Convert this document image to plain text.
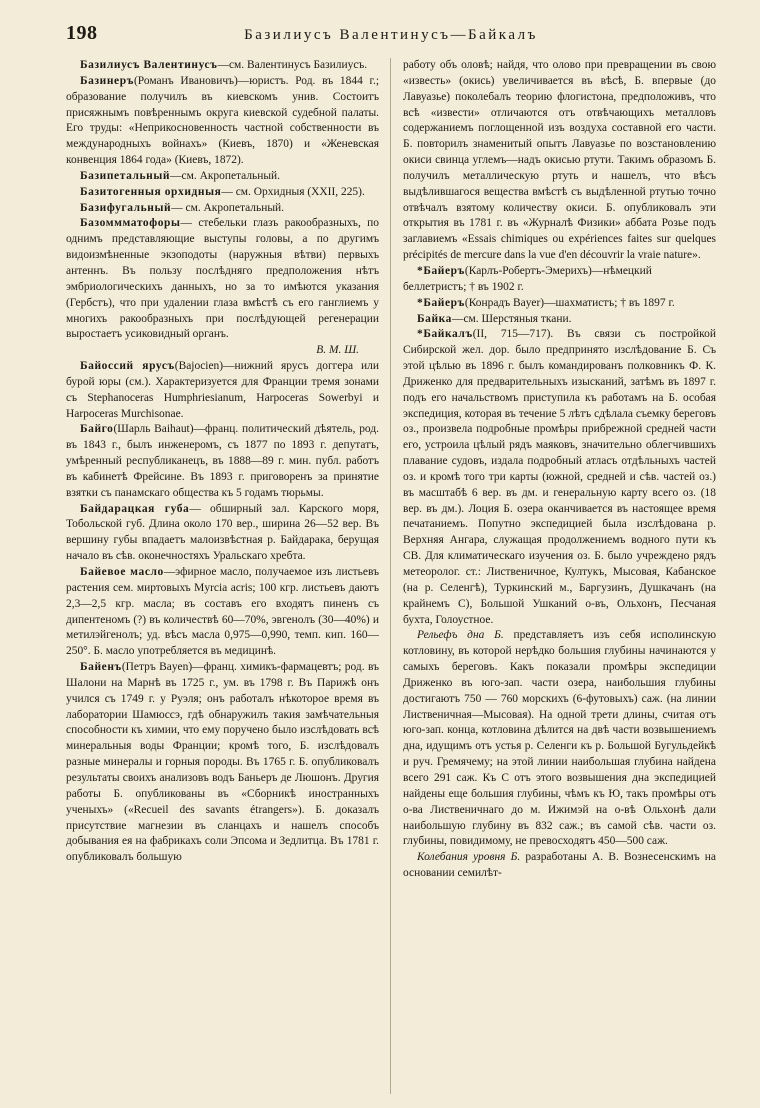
198	Базилиусъ Валентинусъ—Байкалъ

Базилиусъ Валентинусъ—см. Валентинусъ Базилиусъ.

Базинеръ(Романъ Ивановичъ)—юристъ. Род. въ 1844 г.; образование получилъ въ киевскомъ унив. Состоитъ присяжнымъ повѣреннымъ округа киевской судебной палаты. Его труды: «Неприкосновенность частной собственности въ международныхъ войнахъ» (Киевъ, 1870) и «Женевская конвенция 1864 года» (Киевъ, 1872).

Базипетальный—см. Акропетальный.

Базитогенныя орхидныя— см. Орхидныя (XXII, 225).

Базифугальный— см. Акропетальный.

Базоммматофоры— стебельки глазъ ракообразныхъ, по однимъ представляющие выступы головы, а по другимъ видоизмѣненные экзоподоты (наружныя вѣтви) первыхъ антеннъ. Въ пользу послѣдняго предположения нѣтъ эмбриологическихъ данныхъ, но за то имѣются указания (Гербстъ), что при удалении глаза вмѣстѣ съ его ганглиемъ у многихъ ракообразныхъ при послѣдующей регенерации выростаетъ усиковидный органъ.

В. М. Ш.

Байоссий ярусъ(Bajocien)—нижний ярусъ доггера или бурой юры (см.). Характеризуется для Франции тремя зонами съ Stephanoceras Humphriesianum, Harpoceras Sowerbyi и Harpoceras Murchisonae.

Байго(Шарль Baihaut)—франц. политический дѣятель, род. въ 1843 г., былъ инженеромъ, съ 1877 по 1893 г. депутатъ, умѣренный республиканецъ, въ 1888—89 г. мин. публ. работъ въ кабинетѣ Фрейсине. Въ 1893 г. приговоренъ за принятие взятки съ панамскаго общества къ 5 годамъ тюрьмы.

Байдарацкая губа— обширный зал. Карского моря, Тобольской губ. Длина около 170 вер., ширина 26—52 вер. Въ вершину губы впадаетъ малоизвѣстная р. Байдарака, берущая начало въ сѣв. оконечностяхъ Уральскаго хребта.

Байевое масло—эфирное масло, получаемое изъ листьевъ растения сем. миртовыхъ Myrcia acris; 100 кгр. листьевъ даютъ 2,3—2,5 кгр. масла; въ составъ его входятъ пиненъ съ дипентеномъ (?) въ количествѣ 60—70%, эвгенолъ (30—40%) и метилэйгенолъ; уд. вѣсъ масла 0,975—0,990, темп. кип. 160—250°. Б. масло употребляется въ медицинѣ.

Байенъ(Петръ Bayen)—франц. химикъ-фармацевтъ; род. въ Шалони на Марнѣ въ 1725 г., ум. въ 1798 г. Въ Парижѣ онъ учился съ 1749 г. у Руэля; онъ работалъ нѣкоторое время въ лаборатории Шамюссэ, гдѣ обнаружилъ такия замѣчательныя способности къ химии, что ему поручено было изслѣдовать всѣ минеральныя воды Франции; кромѣ того, Б. изслѣдовалъ разные минералы и горныя породы. Въ 1765 г. Б. опубликовалъ результаты своихъ анализовъ водъ Баньеръ де Люшонъ. Другия работы Б. опубликованы въ «Сборникѣ иностранныхъ ученыхъ» («Recueil des savants étrangers»). Б. доказалъ присутствие магнезии въ сланцахъ и нашелъ способъ добывания ея на фабрикахъ соли Эпсома и Зедлитца. Въ 1781 г. опубликовалъ большую

работу объ оловѣ; найдя, что олово при превращении въ свою «известь» (окись) увеличивается въ вѣсѣ, Б. впервые (до Лавуазье) поколебалъ теорию флогистона, предположивъ, что всѣ «извести» отличаются отъ отвѣчающихъ металловъ содержаниемъ поглощенной изъ воздуха составной его части. Б. повторилъ знаменитый опытъ Лавуазье по возстановлению окиси свинца углемъ—надъ окисью ртути. Такимъ образомъ Б. получилъ металлическую ртуть и нашелъ, что вѣсъ выдѣлившагося вещества вмѣстѣ съ выдѣленной ртутью точно отвѣчалъ взятому количеству окиси. Б. опубликовалъ эти открытия въ 1781 г. въ «Журналѣ Физики» аббата Розье подъ заглавиемъ «Essais chimiques ou expériences faites sur quelques précipités de mercure dans la vue d'en découvrir la vraie nature».

*Байеръ(Карлъ-Робертъ-Эмерихъ)—нѣмецкий беллетристъ; † въ 1902 г.

*Байеръ(Конрадъ Bayer)—шахматистъ; † въ 1897 г.

Байка—см. Шерстяныя ткани.

*Байкалъ(II, 715—717). Въ связи съ постройкой Сибирской жел. дор. было предпринято изслѣдование Б. Съ этой цѣлью въ 1896 г. былъ командированъ полковникъ Ф. К. Дриженко для предварительныхъ изысканий, затѣмъ въ 1897 г. подъ его начальствомъ приступила къ работамъ на Б. особая экспедиция, которая въ течение 5 лѣтъ сдѣлала съемку береговъ оз., произвела подробные промѣры прибрежной средней части его, устроила цѣлый рядъ маяковъ, значительно облегчившихъ плавание судовъ, издала подробный атласъ отдѣльныхъ частей оз. и кромѣ того три карты (южной, средней и сѣв. частей оз.) въ масштабѣ 6 вер. въ дм. и генеральную карту всего оз. (18 вер. въ дм.). Лоция Б. озера оканчивается въ настоящее время печатаниемъ. Попутно экспедицией была изслѣдована р. Верхняя Ангара, служащая продолжениемъ водного пути къ СВ. Для климатическаго изучения оз. Б. было учреждено рядъ метеоролог. ст.: Лиственичное, Култукъ, Мысовая, Кабанское (на р. Селенгѣ), Туркинский м., Баргузинъ, Душкачанъ (на крайнемъ С), Большой Ушканий о-въ, Ольхонъ, Песчаная бухта, Голоустное.

Рельефъ дна Б. представляетъ изъ себя исполинскую котловину, въ которой нерѣдко большия глубины начинаются у самыхъ береговъ. Какъ показали промѣры экспедиции Дриженко въ юго-зап. части озера, наибольшия глубины достигаютъ 750 — 760 морскихъ (6-футовыхъ) саж. (на линии Лиственичная—Мысовая). На одной трети длины, считая отъ юго-зап. конца, котловина дѣлится на двѣ части возвышениемъ дна, идущимъ отъ устья р. Селенги къ р. Большой Бугульдейкѣ и руч. Гремячему; на этой линии наибольшая глубина найдена всего 291 саж. Къ С отъ этого возвышения дна экспедицией найдены еще большия глубины, чѣмъ къ Ю, такъ промѣры отъ о-ва Лиственичнаго до м. Ижимэй на о-вѣ Ольхонѣ дали наибольшую глубину въ 832 саж.; въ самой сѣв. части оз. глубины, повидимому, не превосходятъ 450—500 саж.

Колебания уровня Б. разработаны А. В. Вознесенскимъ на основании семилѣт-
